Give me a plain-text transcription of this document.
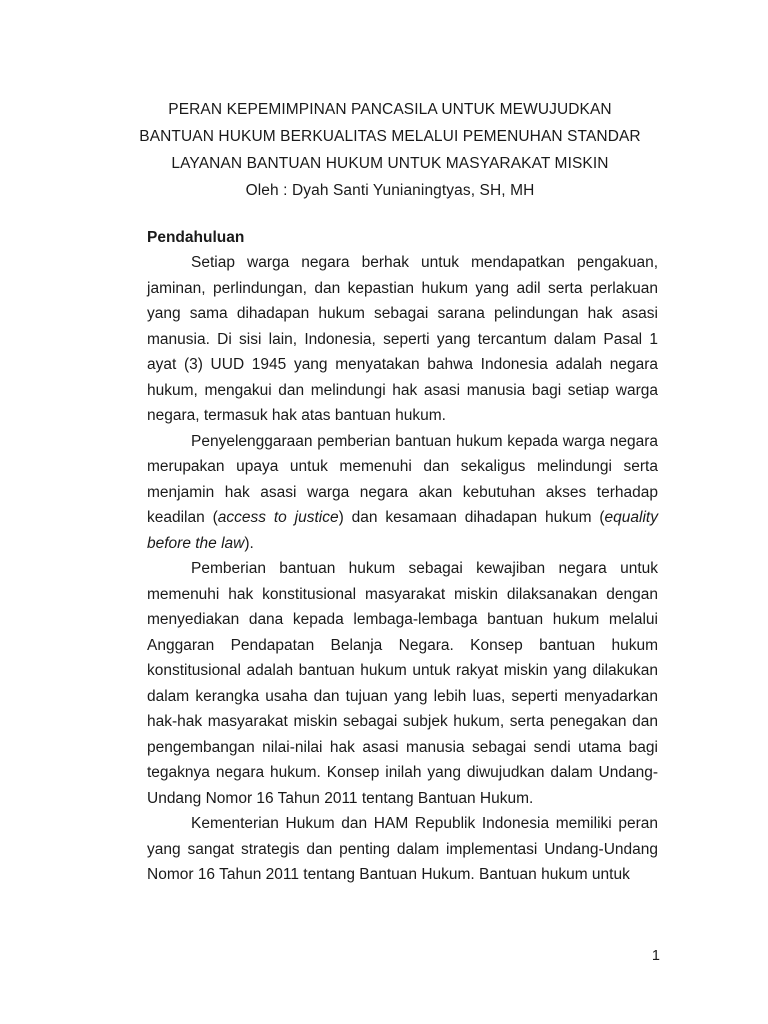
PERAN KEPEMIMPINAN PANCASILA UNTUK MEWUJUDKAN
BANTUAN HUKUM BERKUALITAS MELALUI PEMENUHAN STANDAR
LAYANAN BANTUAN HUKUM UNTUK MASYARAKAT MISKIN
Oleh : Dyah Santi Yunianingtyas, SH, MH
Pendahuluan

Setiap warga negara berhak untuk mendapatkan pengakuan, jaminan, perlindungan, dan kepastian hukum yang adil serta perlakuan yang sama dihadapan hukum sebagai sarana pelindungan hak asasi manusia. Di sisi lain, Indonesia, seperti yang tercantum dalam Pasal 1 ayat (3) UUD 1945 yang menyatakan bahwa Indonesia adalah negara hukum, mengakui dan melindungi hak asasi manusia bagi setiap warga negara, termasuk hak atas bantuan hukum.

Penyelenggaraan pemberian bantuan hukum kepada warga negara merupakan upaya untuk memenuhi dan sekaligus melindungi serta menjamin hak asasi warga negara akan kebutuhan akses terhadap keadilan (access to justice) dan kesamaan dihadapan hukum (equality before the law).

Pemberian bantuan hukum sebagai kewajiban negara untuk memenuhi hak konstitusional masyarakat miskin dilaksanakan dengan menyediakan dana kepada lembaga-lembaga bantuan hukum melalui Anggaran Pendapatan Belanja Negara. Konsep bantuan hukum konstitusional adalah bantuan hukum untuk rakyat miskin yang dilakukan dalam kerangka usaha dan tujuan yang lebih luas, seperti menyadarkan hak-hak masyarakat miskin sebagai subjek hukum, serta penegakan dan pengembangan nilai-nilai hak asasi manusia sebagai sendi utama bagi tegaknya negara hukum. Konsep inilah yang diwujudkan dalam Undang-Undang Nomor 16 Tahun 2011 tentang Bantuan Hukum.

Kementerian Hukum dan HAM Republik Indonesia memiliki peran yang sangat strategis dan penting dalam implementasi Undang-Undang Nomor 16 Tahun 2011 tentang Bantuan Hukum. Bantuan hukum untuk

1
